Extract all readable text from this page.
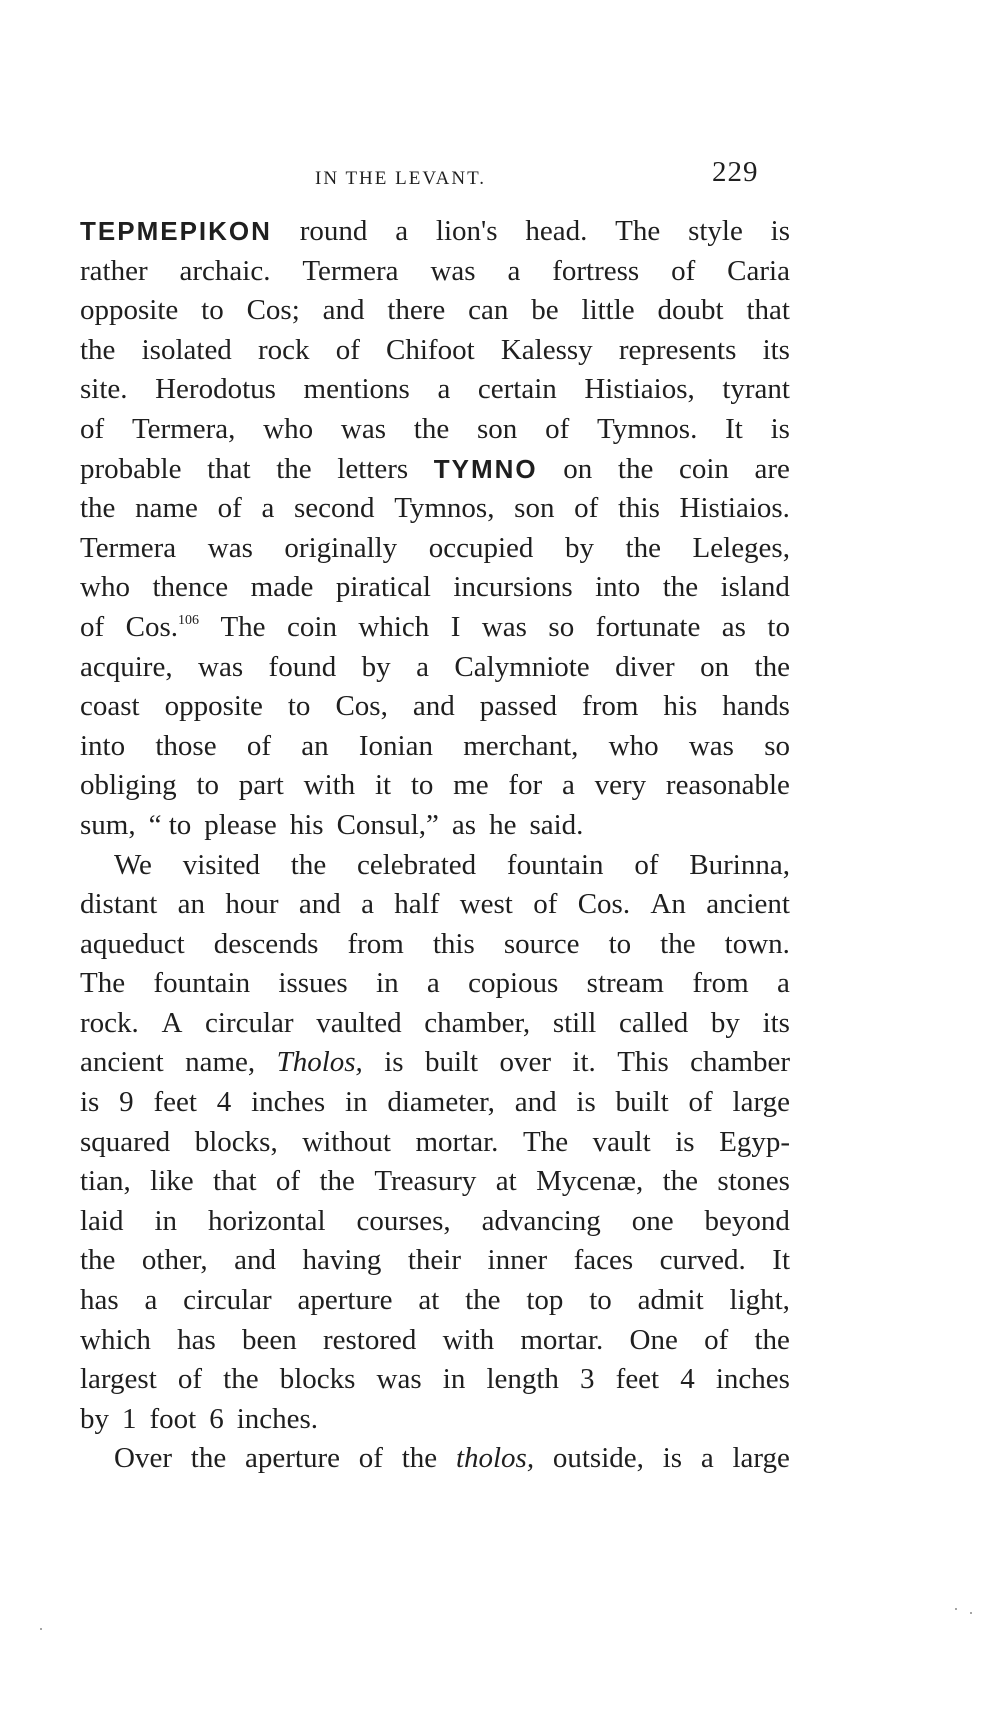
IN THE LEVANT.	229
TEPMEPIKON round a lion's head. The style is
rather archaic. Termera was a fortress of Caria
opposite to Cos; and there can be little doubt that
the isolated rock of Chifoot Kalessy represents its
site. Herodotus mentions a certain Histiaios, tyrant
of Termera, who was the son of Tymnos. It is
probable that the letters TYMNO on the coin are
the name of a second Tymnos, son of this Histiaios.
Termera was originally occupied by the Leleges,
who thence made piratical incursions into the island
of Cos.$^{106}$ The coin which I was so fortunate as to
acquire, was found by a Calymniote diver on the
coast opposite to Cos, and passed from his hands
into those of an Ionian merchant, who was so
obliging to part with it to me for a very reasonable
sum, “ to please his Consul,” as he said.
We visited the celebrated fountain of Burinna,
distant an hour and a half west of Cos. An ancient
aqueduct descends from this source to the town.
The fountain issues in a copious stream from a
rock. A circular vaulted chamber, still called by its
ancient name, Tholos, is built over it. This chamber
is 9 feet 4 inches in diameter, and is built of large
squared blocks, without mortar. The vault is Egyp-
tian, like that of the Treasury at Mycenæ, the stones
laid in horizontal courses, advancing one beyond
the other, and having their inner faces curved. It
has a circular aperture at the top to admit light,
which has been restored with mortar. One of the
largest of the blocks was in length 3 feet 4 inches
by 1 foot 6 inches.
Over the aperture of the tholos, outside, is a large
